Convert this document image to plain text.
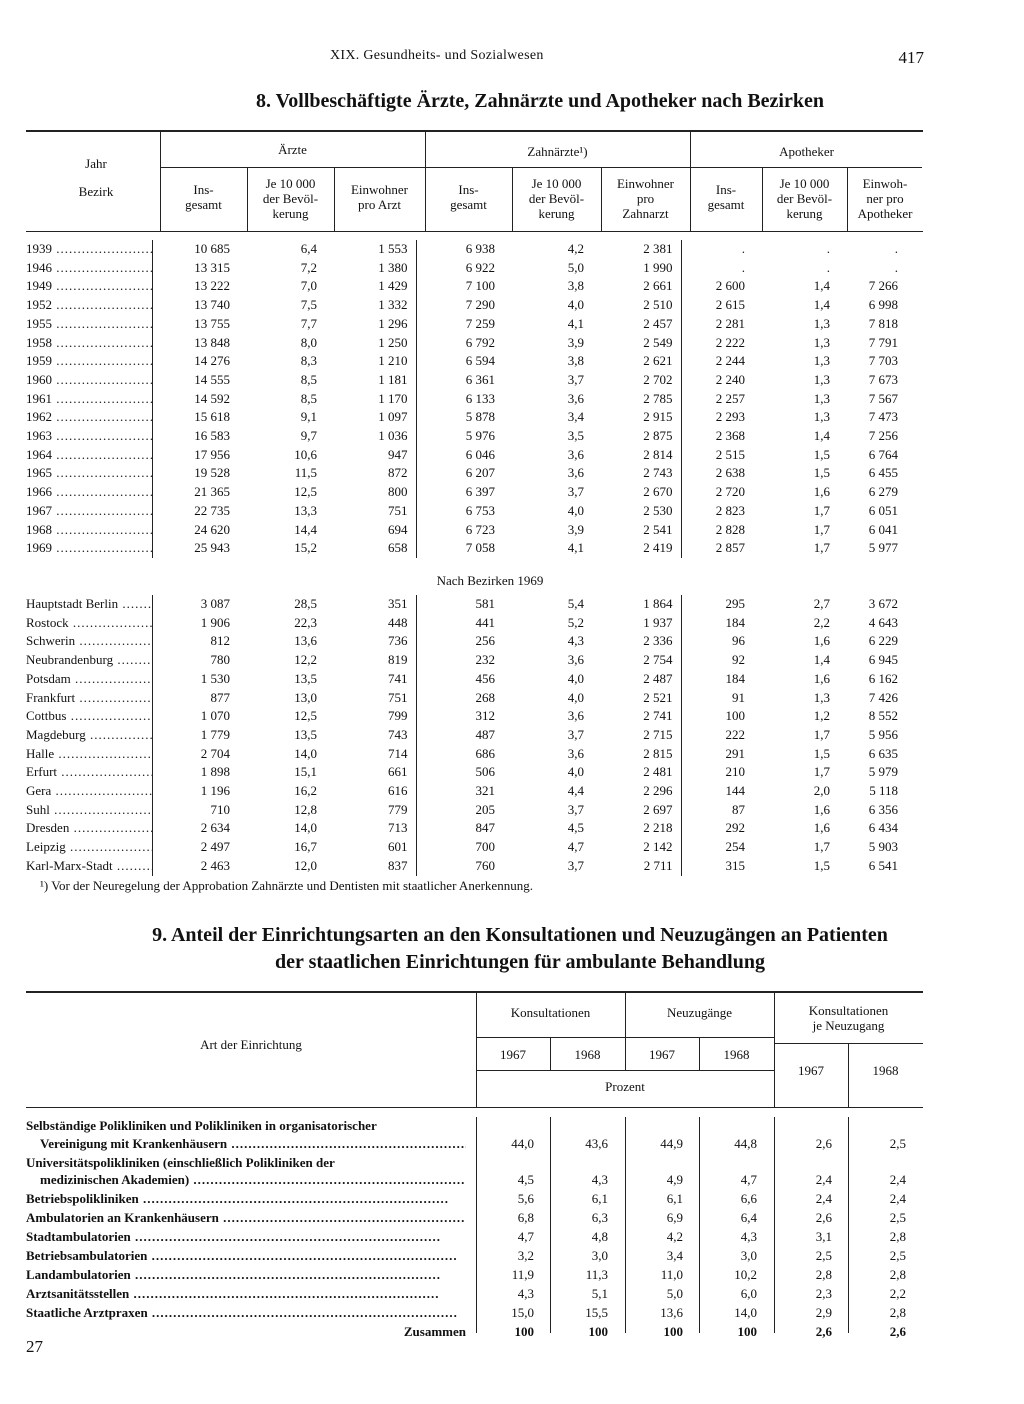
XIX. Gesundheits- und Sozialwesen	417
8. Vollbeschäftigte Ärzte, Zahnärzte und Apotheker nach Bezirken
Jahr
Bezirk
Ärzte	Zahnärzte¹)	Apotheker
Ins-
gesamt
Je 10 000
der Bevöl-
kerung
Einwohner
pro Arzt
Ins-
gesamt
Je 10 000
der Bevöl-
kerung
Einwohner
pro
Zahnarzt
Ins-
gesamt
Je 10 000
der Bevöl-
kerung
Einwoh-
ner pro
Apotheker
1939 .....	10 685	6,4	1 553	6 938	4,2	2 381	.	.	.
1946 .....	13 315	7,2	1 380	6 922	5,0	1 990	.	.	.
1949 .....	13 222	7,0	1 429	7 100	3,8	2 661	2 600	1,4	7 266
1952 .....	13 740	7,5	1 332	7 290	4,0	2 510	2 615	1,4	6 998
1955 .....	13 755	7,7	1 296	7 259	4,1	2 457	2 281	1,3	7 818
1958 .....	13 848	8,0	1 250	6 792	3,9	2 549	2 222	1,3	7 791
1959 .....	14 276	8,3	1 210	6 594	3,8	2 621	2 244	1,3	7 703
1960 .....	14 555	8,5	1 181	6 361	3,7	2 702	2 240	1,3	7 673
1961 .....	14 592	8,5	1 170	6 133	3,6	2 785	2 257	1,3	7 567
1962 .....	15 618	9,1	1 097	5 878	3,4	2 915	2 293	1,3	7 473
1963 .....	16 583	9,7	1 036	5 976	3,5	2 875	2 368	1,4	7 256
1964 .....	17 956	10,6	947	6 046	3,6	2 814	2 515	1,5	6 764
1965 .....	19 528	11,5	872	6 207	3,6	2 743	2 638	1,5	6 455
1966 .....	21 365	12,5	800	6 397	3,7	2 670	2 720	1,6	6 279
1967 .....	22 735	13,3	751	6 753	4,0	2 530	2 823	1,7	6 051
1968 .....	24 620	14,4	694	6 723	3,9	2 541	2 828	1,7	6 041
1969 .....	25 943	15,2	658	7 058	4,1	2 419	2 857	1,7	5 977
Nach Bezirken 1969
Hauptstadt Berlin .....	3 087	28,5	351	581	5,4	1 864	295	2,7	3 672
Rostock .....	1 906	22,3	448	441	5,2	1 937	184	2,2	4 643
Schwerin .....	812	13,6	736	256	4,3	2 336	96	1,6	6 229
Neubrandenburg .....	780	12,2	819	232	3,6	2 754	92	1,4	6 945
Potsdam .....	1 530	13,5	741	456	4,0	2 487	184	1,6	6 162
Frankfurt .....	877	13,0	751	268	4,0	2 521	91	1,3	7 426
Cottbus .....	1 070	12,5	799	312	3,6	2 741	100	1,2	8 552
Magdeburg .....	1 779	13,5	743	487	3,7	2 715	222	1,7	5 956
Halle .....	2 704	14,0	714	686	3,6	2 815	291	1,5	6 635
Erfurt .....	1 898	15,1	661	506	4,0	2 481	210	1,7	5 979
Gera .....	1 196	16,2	616	321	4,4	2 296	144	2,0	5 118
Suhl .....	710	12,8	779	205	3,7	2 697	87	1,6	6 356
Dresden .....	2 634	14,0	713	847	4,5	2 218	292	1,6	6 434
Leipzig .....	2 497	16,7	601	700	4,7	2 142	254	1,7	5 903
Karl-Marx-Stadt .....	2 463	12,0	837	760	3,7	2 711	315	1,5	6 541
¹) Vor der Neuregelung der Approbation Zahnärzte und Dentisten mit staatlicher Anerkennung.
9. Anteil der Einrichtungsarten an den Konsultationen und Neuzugängen an Patienten
der staatlichen Einrichtungen für ambulante Behandlung
Art der Einrichtung
Konsultationen	Neuzugänge	Konsultationen
je Neuzugang
1967	1968	1967	1968
1967	1968
Prozent
Selbständige Polikliniken und Polikliniken in organisatorischer
Vereinigung mit Krankenhäusern .....	44,0	43,6	44,9	44,8	2,6	2,5
Universitätspolikliniken (einschließlich Polikliniken der
medizinischen Akademien) .....	4,5	4,3	4,9	4,7	2,4	2,4
Betriebspolikliniken .....	5,6	6,1	6,1	6,6	2,4	2,4
Ambulatorien an Krankenhäusern .....	6,8	6,3	6,9	6,4	2,6	2,5
Stadtambulatorien .....	4,7	4,8	4,2	4,3	3,1	2,8
Betriebsambulatorien .....	3,2	3,0	3,4	3,0	2,5	2,5
Landambulatorien .....	11,9	11,3	11,0	10,2	2,8	2,8
Arztsanitätsstellen .....	4,3	5,1	5,0	6,0	2,3	2,2
Staatliche Arztpraxen .....	15,0	15,5	13,6	14,0	2,9	2,8
Zusammen	100	100	100	100	2,6	2,6
27
